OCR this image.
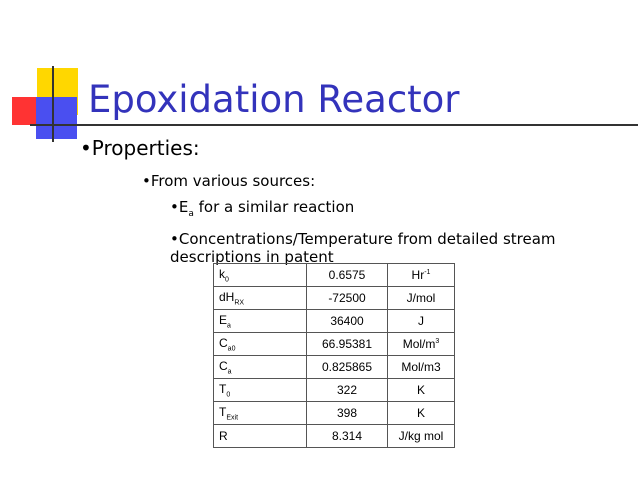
Epoxidation Reactor
•Properties:
•From various sources:
$•E_a$ for a similar reaction
•Concentrations/Temperature from detailed stream descriptions in patent
$k_0$	0.6575	$Hr^{-1}$
$dH_{RX}$	-72500	J/mol
$E_a$	36400	J
$C_{a0}$	66.95381	Mol/$m^3$
$C_a$	0.825865	Mol/m3
$T_0$	322	K
$T_{Exit}$	398	K
R	8.314	J/kg mol
